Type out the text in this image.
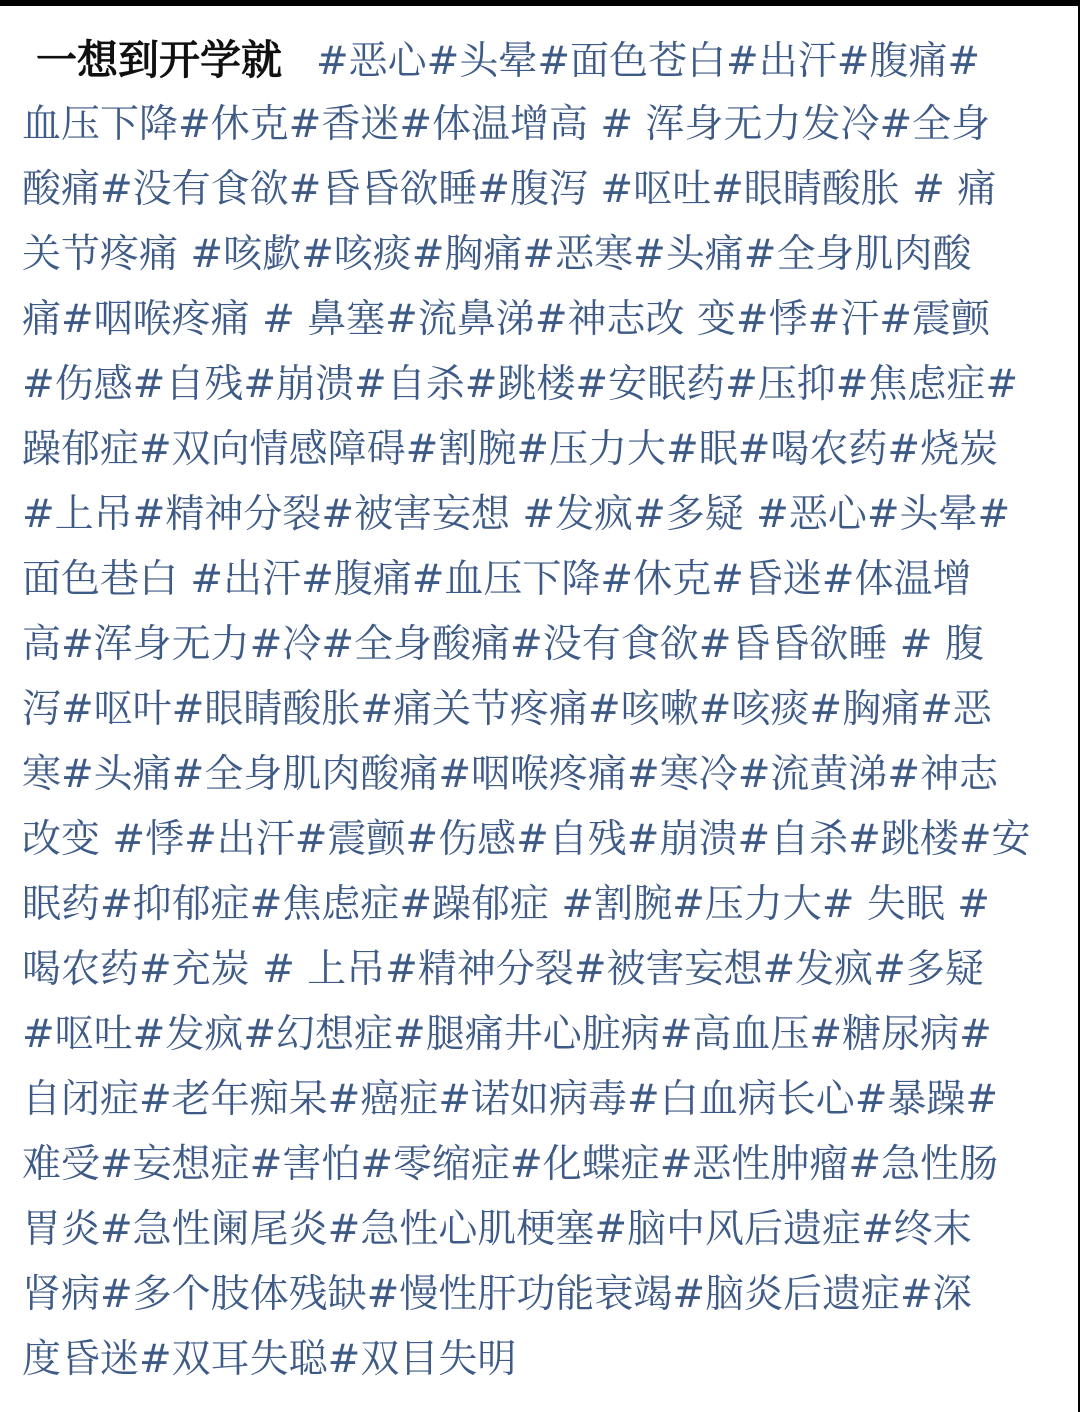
一想到开学就 #恶心#头晕#面色苍白#出汗#腹痛#
血压下降#休克#香迷#体温增高 # 浑身无力发冷#全身
酸痛#没有食欲#昏昏欲睡#腹泻 #呕吐#眼睛酸胀 # 痛
关节疼痛 #咳歔#咳痰#胸痛#恶寒#头痛#全身肌肉酸
痛#咽喉疼痛 # 鼻塞#流鼻涕#神志改 变#悸#汗#震颤
#伤感#自残#崩溃#自杀#跳楼#安眠药#压抑#焦虑症#
躁郁症#双向情感障碍#割腕#压力大#眠#喝农药#烧炭
#上吊#精神分裂#被害妄想 #发疯#多疑 #恶心#头晕#
面色巷白 #出汗#腹痛#血压下降#休克#昏迷#体温增
高#浑身无力#冷#全身酸痛#没有食欲#昏昏欲睡 # 腹
泻#呕叶#眼睛酸胀#痛关节疼痛#咳嗽#咳痰#胸痛#恶
寒#头痛#全身肌肉酸痛#咽喉疼痛#寒冷#流黄涕#神志
改变 #悸#出汗#震颤#伤感#自残#崩溃#自杀#跳楼#安
眠药#抑郁症#焦虑症#躁郁症 #割腕#压力大# 失眠 #
喝农药#充炭 # 上吊#精神分裂#被害妄想#发疯#多疑
#呕吐#发疯#幻想症#腿痛井心脏病#高血压#糖尿病#
自闭症#老年痴呆#癌症#诺如病毒#白血病长心#暴躁#
难受#妄想症#害怕#零缩症#化蝶症#恶性肿瘤#急性肠
胃炎#急性阑尾炎#急性心肌梗塞#脑中风后遗症#终末
肾病#多个肢体残缺#慢性肝功能衰竭#脑炎后遗症#深
度昏迷#双耳失聪#双目失明
